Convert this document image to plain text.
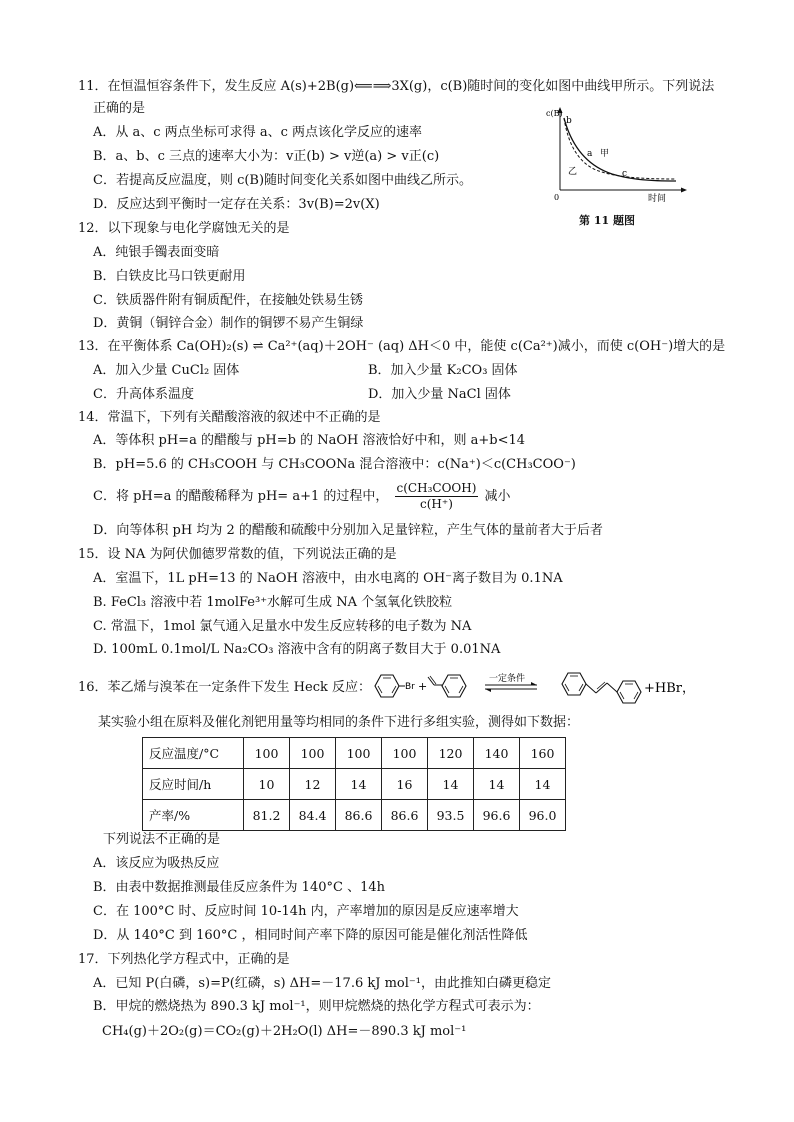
11．在恒温恒容条件下，发生反应 A(s)+2B(g)⟸⟹3X(g)，c(B)随时间的变化如图中曲线甲所示。下列说法
正确的是
A．从 a、c 两点坐标可求得 a、c 两点该化学反应的速率
B．a、b、c 三点的速率大小为：v正(b) > v逆(a) > v正(c)
C．若提高反应温度，则 c(B)随时间变化关系如图中曲线乙所示。
D．反应达到平衡时一定存在关系：3v(B)=2v(X)
c(B)
时间
0
b
a
c
甲
乙
第 11 题图
12．以下现象与电化学腐蚀无关的是
A．纯银手镯表面变暗
B．白铁皮比马口铁更耐用
C．铁质器件附有铜质配件，在接触处铁易生锈
D．黄铜（铜锌合金）制作的铜锣不易产生铜绿
13．在平衡体系 Ca(OH)₂(s) ⇌ Ca²⁺(aq)＋2OH⁻ (aq) ΔH＜0 中，能使 c(Ca²⁺)减小，而使 c(OH⁻)增大的是
A．加入少量 CuCl₂ 固体	B．加入少量 K₂CO₃ 固体
C．升高体系温度	D．加入少量 NaCl 固体
14．常温下，下列有关醋酸溶液的叙述中不正确的是
A．等体积 pH=a 的醋酸与 pH=b 的 NaOH 溶液恰好中和，则 a+b<14
B．pH=5.6 的 CH₃COOH 与 CH₃COONa 混合溶液中：c(Na⁺)＜c(CH₃COO⁻)
C．将 pH=a 的醋酸稀释为 pH= a+1 的过程中， $\frac{\text{c(CH₃COOH)}}{c(H^+)}$ 减小
D．向等体积 pH 均为 2 的醋酸和硫酸中分别加入足量锌粒，产生气体的量前者大于后者
15．设 NA 为阿伏伽德罗常数的值，下列说法正确的是
A．室温下，1L pH=13 的 NaOH 溶液中，由水电离的 OH⁻离子数目为 0.1NA
B. FeCl₃ 溶液中若 1molFe³⁺水解可生成 NA 个氢氧化铁胶粒
C. 常温下，1mol 氯气通入足量水中发生反应转移的电子数为 NA
D. 100mL 0.1mol/L Na₂CO₃ 溶液中含有的阴离子数目大于 0.01NA
16．苯乙烯与溴苯在一定条件下发生 Heck 反应：	Br +
一定条件
+HBr，
某实验小组在原料及催化剂钯用量等均相同的条件下进行多组实验，测得如下数据：
反应温度/°C	100	100	100	100	120	140	160
反应时间/h	10	12	14	16	14	14	14
产率/%	81.2	84.4	86.6	86.6	93.5	96.6	96.0
下列说法不正确的是
A．该反应为吸热反应
B．由表中数据推测最佳反应条件为 140°C 、14h
C．在 100°C 时、反应时间 10-14h 内，产率增加的原因是反应速率增大
D．从 140°C 到 160°C ，相同时间产率下降的原因可能是催化剂活性降低
17．下列热化学方程式中，正确的是
A．已知 P(白磷，s)=P(红磷，s) ΔH=－17.6 kJ mol⁻¹，由此推知白磷更稳定
B．甲烷的燃烧热为 890.3 kJ mol⁻¹，则甲烷燃烧的热化学方程式可表示为：
CH₄(g)＋2O₂(g)＝CO₂(g)＋2H₂O(l) ΔH=－890.3 kJ mol⁻¹
